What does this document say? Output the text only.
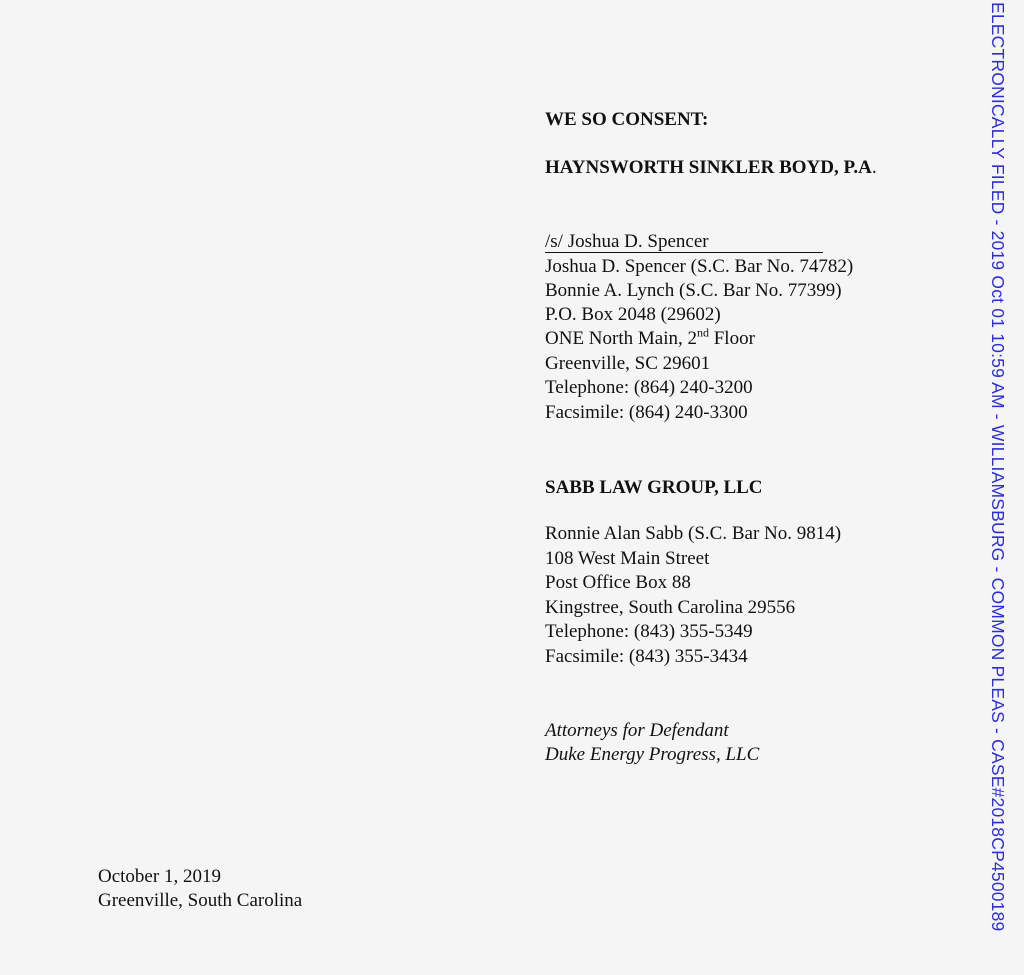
WE SO CONSENT:
HAYNSWORTH SINKLER BOYD, P.A.
/s/ Joshua D. Spencer
Joshua D. Spencer (S.C. Bar No. 74782)
Bonnie A. Lynch (S.C. Bar No. 77399)
P.O. Box 2048 (29602)
ONE North Main, 2nd Floor
Greenville, SC 29601
Telephone: (864) 240-3200
Facsimile: (864) 240-3300
SABB LAW GROUP, LLC
Ronnie Alan Sabb (S.C. Bar No. 9814)
108 West Main Street
Post Office Box 88
Kingstree, South Carolina 29556
Telephone: (843) 355-5349
Facsimile: (843) 355-3434
Attorneys for Defendant
Duke Energy Progress, LLC
October 1, 2019
Greenville, South Carolina	ELECTRONICALLY FILED - 2019 Oct 01 10:59 AM - WILLIAMSBURG - COMMON PLEAS - CASE#2018CP4500189
